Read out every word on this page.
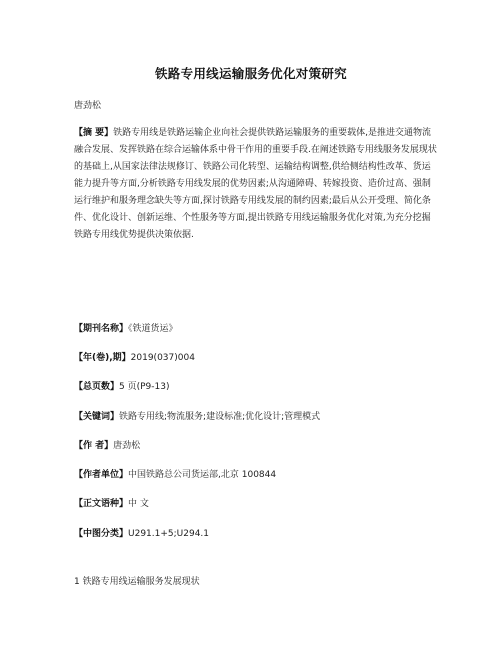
铁路专用线运输服务优化对策研究
唐劲松
【摘 要】铁路专用线是铁路运输企业向社会提供铁路运输服务的重要载体,是推进交通物流融合发展、发挥铁路在综合运输体系中骨干作用的重要手段.在阐述铁路专用线服务发展现状的基础上,从国家法律法规修订、铁路公司化转型、运输结构调整,供给侧结构性改革、货运能力提升等方面,分析铁路专用线发展的优势因素;从沟通障碍、转嫁投资、造价过高、强制运行维护和服务理念缺失等方面,探讨铁路专用线发展的制约因素;最后从公开受理、简化条件、优化设计、创新运维、个性服务等方面,提出铁路专用线运输服务优化对策,为充分挖掘铁路专用线优势提供决策依据.
【期刊名称】《铁道货运》
【年(卷),期】2019(037)004
【总页数】5 页(P9-13)
【关键词】铁路专用线;物流服务;建设标准;优化设计;管理模式
【作 者】唐劲松
【作者单位】中国铁路总公司货运部,北京 100844
【正文语种】中 文
【中图分类】U291.1+5;U294.1
1 铁路专用线运输服务发展现状
